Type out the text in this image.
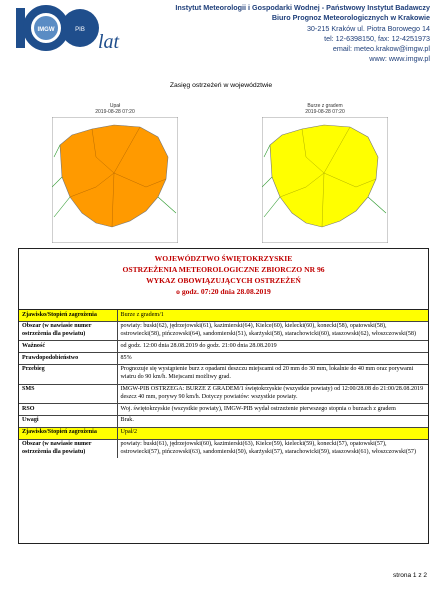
IMGW	PIB
lat
Instytut Meteorologii i Gospodarki Wodnej - Państwowy Instytut Badawczy
Biuro Prognoz Meteorologicznych w Krakowie
30-215 Kraków ul. Piotra Borowego 14
tel: 12-6398150, fax: 12-4251973
email: meteo.krakow@imgw.pl
www: www.imgw.pl
Zasięg ostrzeżeń w województwie
Upał
2019-08-28 07:20
Burze z gradem
2019-08-28 07:20
WOJEWÓDZTWO ŚWIĘTOKRZYSKIE
OSTRZEŻENIA METEOROLOGICZNE ZBIORCZO NR 96
WYKAZ OBOWIĄZUJĄCYCH OSTRZEŻEŃ
o godz. 07:20 dnia 28.08.2019
Zjawisko/Stopień zagrożenia	Burze z gradem/1
Obszar (w nawiasie numer ostrzeżenia dla powiatu)	powiaty: buski(62), jędrzejowski(61), kazimierski(64), Kielce(60), kielecki(60), konecki(58), opatowski(58), ostrowiecki(58), pińczowski(64), sandomierski(51), skarżyski(58), starachowicki(60), staszowski(62), włoszczowski(58)
Ważność	od godz. 12:00 dnia 28.08.2019 do godz. 21:00 dnia 28.08.2019
Prawdopodobieństwo	85%
Przebieg	Prognozuje się wystąpienie burz z opadami deszczu miejscami od 20 mm do 30 mm, lokalnie do 40 mm oraz porywami wiatru do 90 km/h. Miejscami możliwy grad.
SMS	IMGW-PIB OSTRZEGA: BURZE Z GRADEM/1 świętokrzyskie (wszystkie powiaty) od 12:00/28.08 do 21:00/28.08.2019 deszcz 40 mm, porywy 90 km/h. Dotyczy powiatów: wszystkie powiaty.
RSO	Woj. świętokrzyskie (wszystkie powiaty), IMGW-PIB wydał ostrzeżenie pierwszego stopnia o burzach z gradem
Uwagi	Brak.
Zjawisko/Stopień zagrożenia	Upał/2
Obszar (w nawiasie numer ostrzeżenia dla powiatu)	powiaty: buski(61), jędrzejowski(60), kazimierski(63), Kielce(59), kielecki(59), konecki(57), opatowski(57), ostrowiecki(57), pińczowski(63), sandomierski(50), skarżyski(57), starachowicki(59), staszowski(61), włoszczowski(57)
strona 1 z 2
